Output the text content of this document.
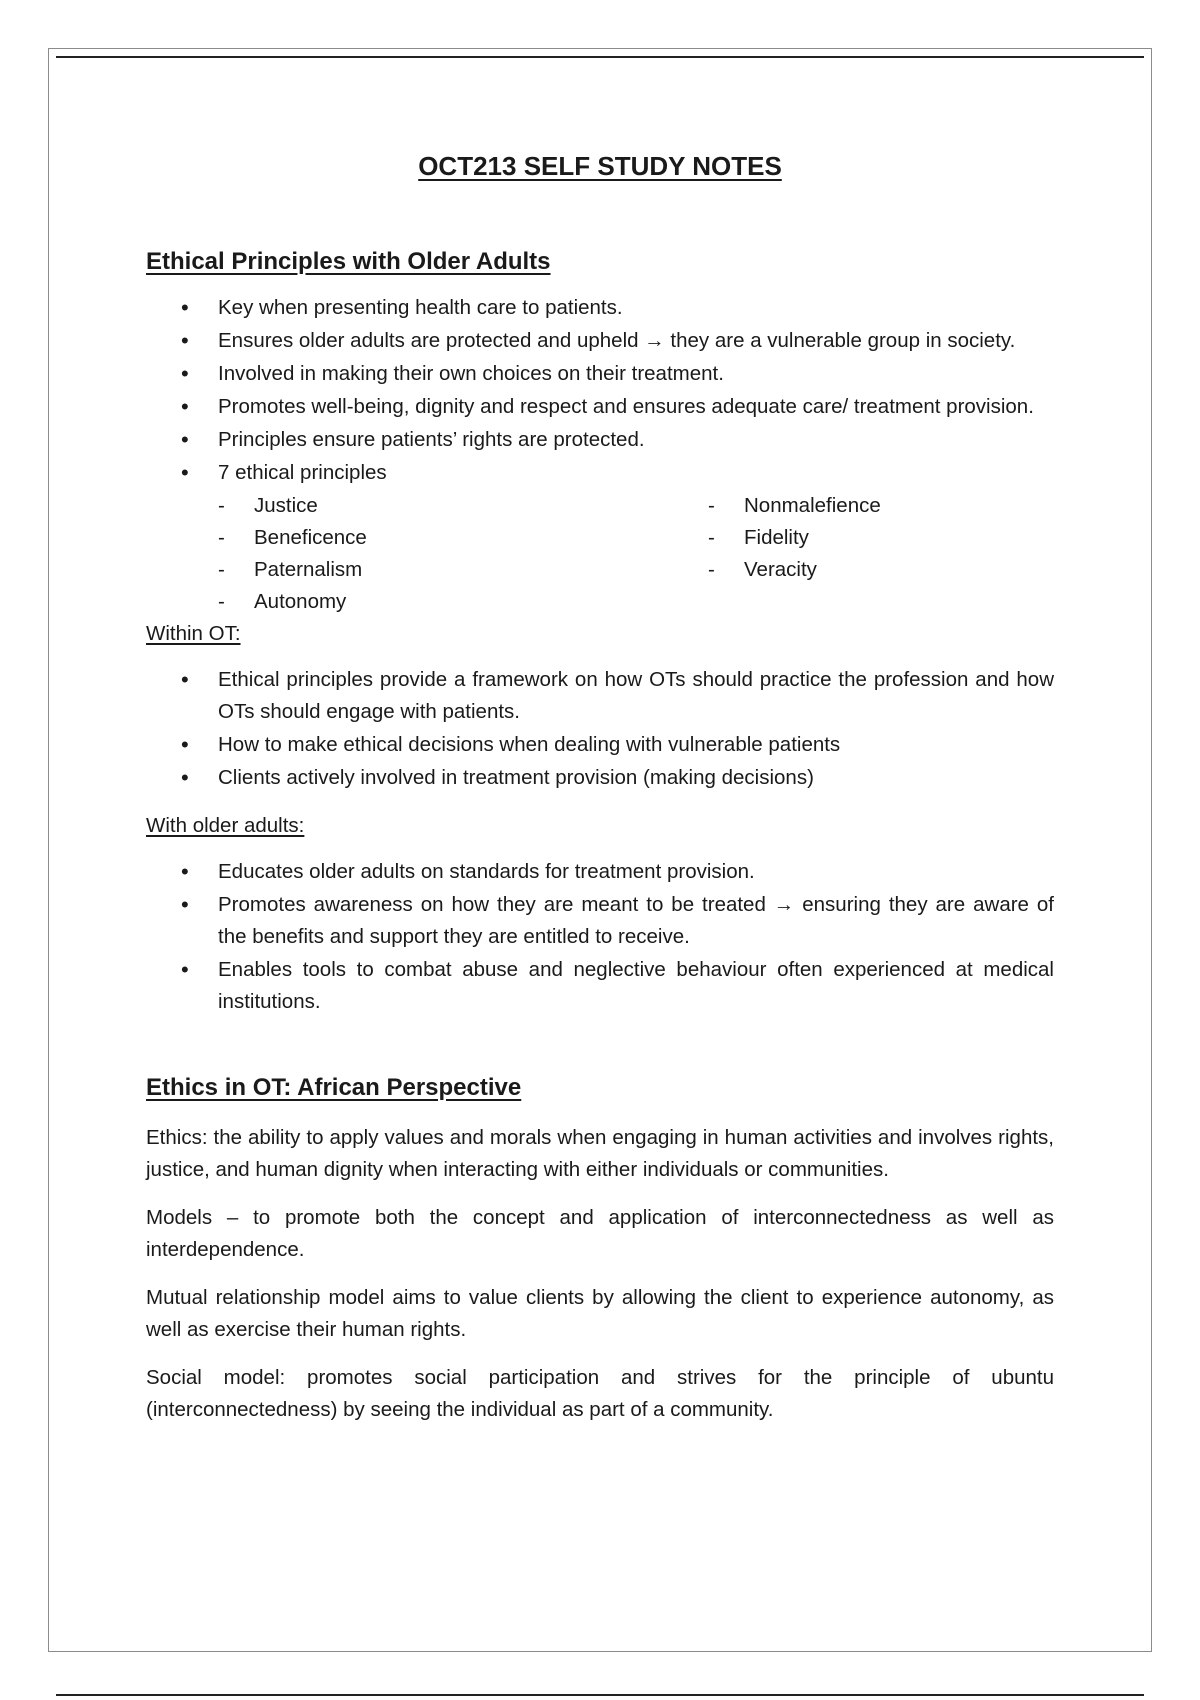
OCT213 SELF STUDY NOTES
Ethical Principles with Older Adults
• Key when presenting health care to patients.
• Ensures older adults are protected and upheld → they are a vulnerable group in society.
• Involved in making their own choices on their treatment.
• Promotes well-being, dignity and respect and ensures adequate care/ treatment provision.
• Principles ensure patients’ rights are protected.
• 7 ethical principles
- Justice
- Beneficence
- Paternalism
- Autonomy
- Nonmalefience
- Fidelity
- Veracity

Within OT:

• Ethical principles provide a framework on how OTs should practice the profession and how OTs should engage with patients.
• How to make ethical decisions when dealing with vulnerable patients
• Clients actively involved in treatment provision (making decisions)

With older adults:

• Educates older adults on standards for treatment provision.
• Promotes awareness on how they are meant to be treated → ensuring they are aware of the benefits and support they are entitled to receive.
• Enables tools to combat abuse and neglective behaviour often experienced at medical institutions.
Ethics in OT: African Perspective

Ethics: the ability to apply values and morals when engaging in human activities and involves rights, justice, and human dignity when interacting with either individuals or communities.

Models – to promote both the concept and application of interconnectedness as well as interdependence.

Mutual relationship model aims to value clients by allowing the client to experience autonomy, as well as exercise their human rights.

Social model: promotes social participation and strives for the principle of ubuntu (interconnectedness) by seeing the individual as part of a community.
